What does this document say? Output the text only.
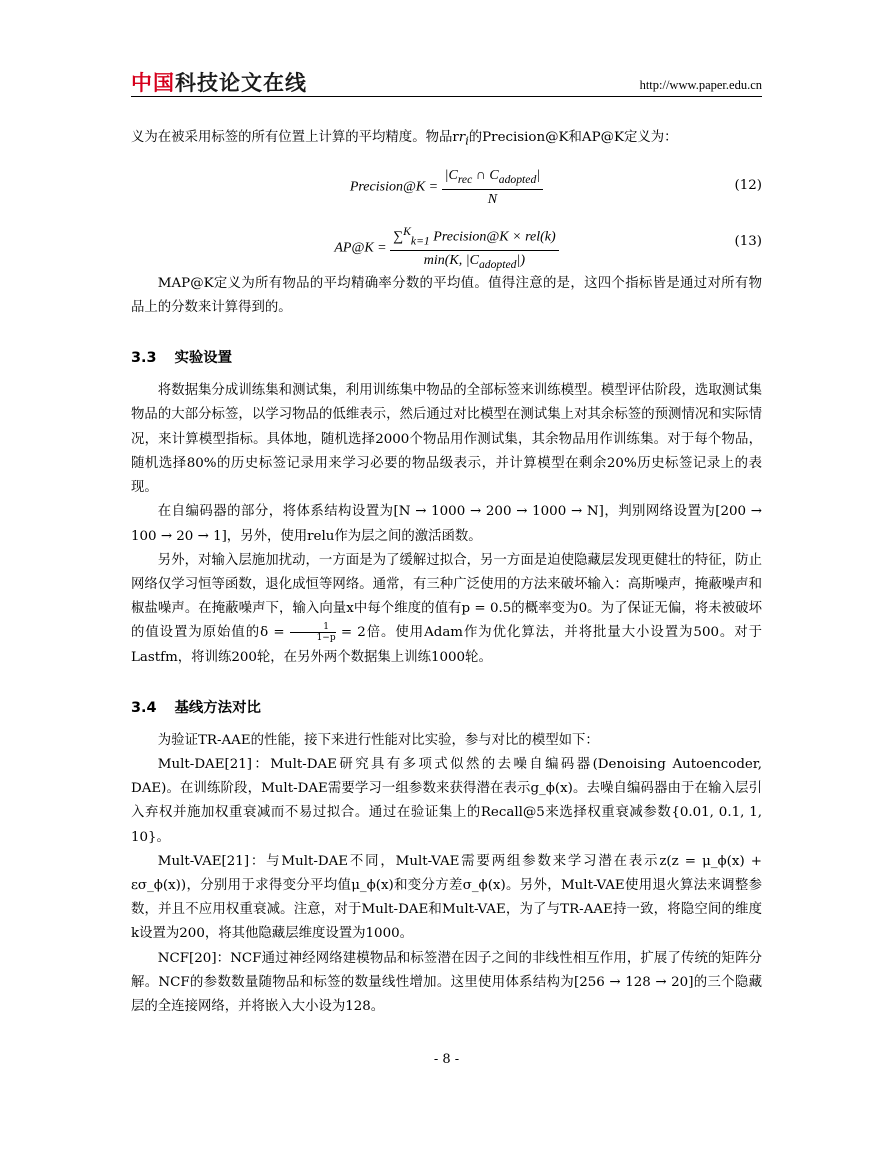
中国科技论文在线	http://www.paper.edu.cn

义为在被采用标签的所有位置上计算的平均精度。物品$rr_i$的Precision@K和AP@K定义为：

Precision@K = $\frac{|C_{rec} \cap C_{adopted}|}{N}$	(12)
AP@K = $\frac{\sum^K_{k=1} Precision@K \times rel(k)}{\min(K, |C_{adopted}|)}$	(13)

MAP@K定义为所有物品的平均精确率分数的平均值。值得注意的是，这四个指标皆是通过对所有物品上的分数来计算得到的。

3.3 实验设置

将数据集分成训练集和测试集，利用训练集中物品的全部标签来训练模型。模型评估阶段，选取测试集物品的大部分标签，以学习物品的低维表示，然后通过对比模型在测试集上对其余标签的预测情况和实际情况，来计算模型指标。具体地，随机选择2000个物品用作测试集，其余物品用作训练集。对于每个物品，随机选择80%的历史标签记录用来学习必要的物品级表示，并计算模型在剩余20%历史标签记录上的表现。

在自编码器的部分，将体系结构设置为[N → 1000 → 200 → 1000 → N]，判别网络设置为[200 → 100 → 20 → 1]，另外，使用relu作为层之间的激活函数。

另外，对输入层施加扰动，一方面是为了缓解过拟合，另一方面是迫使隐藏层发现更健壮的特征，防止网络仅学习恒等函数，退化成恒等网络。通常，有三种广泛使用的方法来破坏输入：高斯噪声，掩蔽噪声和椒盐噪声。在掩蔽噪声下，输入向量x中每个维度的值有p = 0.5的概率变为0。为了保证无偏，将未被破坏的值设置为原始值的$\delta = \frac{1}{1-p} = 2$倍。使用Adam作为优化算法，并将批量大小设置为500。对于Lastfm，将训练200轮，在另外两个数据集上训练1000轮。

3.4 基线方法对比

为验证TR-AAE的性能，接下来进行性能对比实验，参与对比的模型如下：

Mult-DAE[21]：Mult-DAE研究具有多项式似然的去噪自编码器(Denoising Autoencoder, DAE)。在训练阶段，Mult-DAE需要学习一组参数来获得潜在表示g_ϕ(x)。去噪自编码器由于在输入层引入弃权并施加权重衰减而不易过拟合。通过在验证集上的Recall@5来选择权重衰减参数{0.01, 0.1, 1, 10}。

Mult-VAE[21]：与Mult-DAE不同，Mult-VAE需要两组参数来学习潜在表示z(z = μ_ϕ(x) + εσ_ϕ(x))，分别用于求得变分平均值μ_ϕ(x)和变分方差σ_ϕ(x)。另外，Mult-VAE使用退火算法来调整参数，并且不应用权重衰减。注意，对于Mult-DAE和Mult-VAE，为了与TR-AAE持一致，将隐空间的维度k设置为200，将其他隐藏层维度设置为1000。

NCF[20]：NCF通过神经网络建模物品和标签潜在因子之间的非线性相互作用，扩展了传统的矩阵分解。NCF的参数数量随物品和标签的数量线性增加。这里使用体系结构为[256 → 128 → 20]的三个隐藏层的全连接网络，并将嵌入大小设为128。

- 8 -
